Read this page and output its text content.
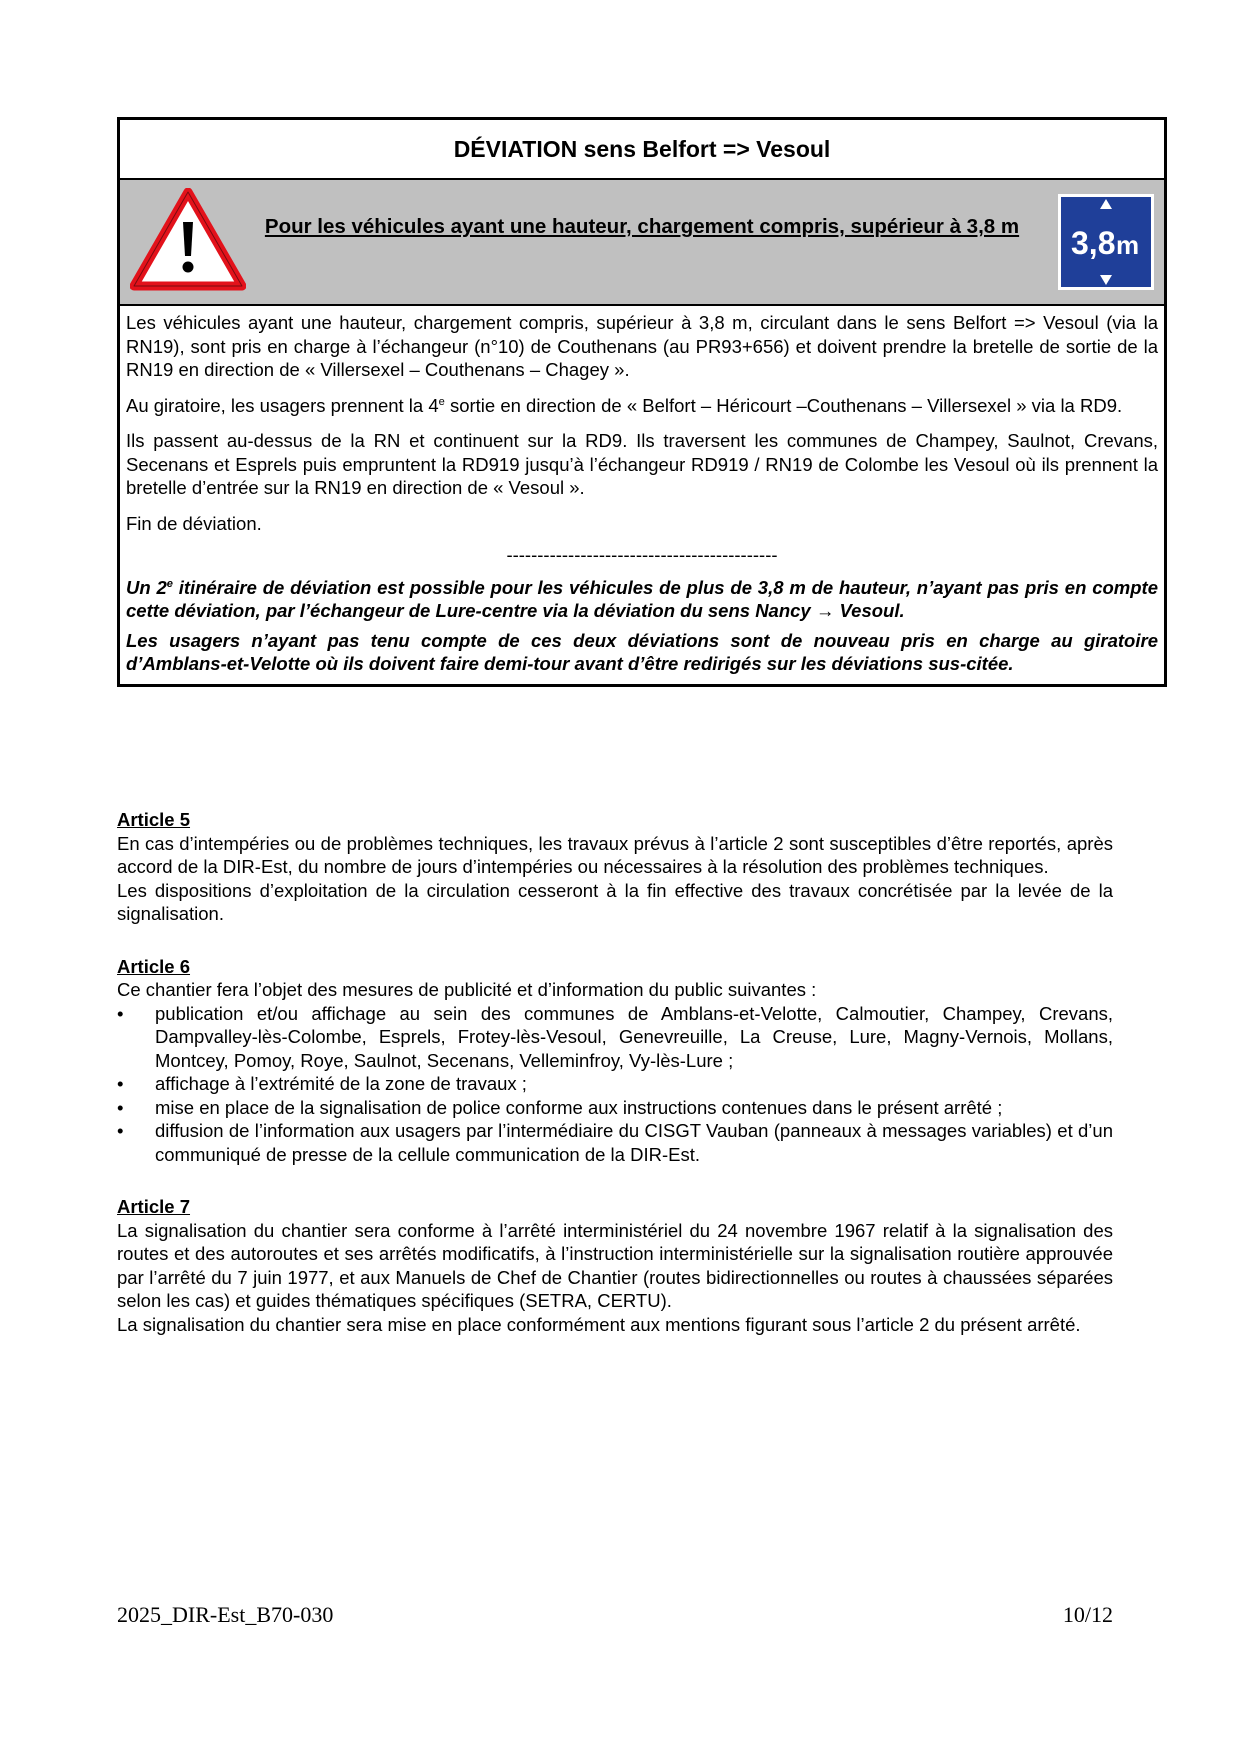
DÉVIATION sens Belfort => Vesoul
Pour les véhicules ayant une hauteur, chargement compris, supérieur à 3,8 m	3,8 m

Les véhicules ayant une hauteur, chargement compris, supérieur à 3,8 m, circulant dans le sens Belfort => Vesoul (via la RN19), sont pris en charge à l’échangeur (n°10) de Couthenans (au PR93+656) et doivent prendre la bretelle de sortie de la RN19 en direction de « Villersexel – Couthenans – Chagey ».

Au giratoire, les usagers prennent la 4e sortie en direction de « Belfort – Héricourt –Couthenans – Villersexel » via la RD9.

Ils passent au-dessus de la RN et continuent sur la RD9. Ils traversent les communes de Champey, Saulnot, Crevans, Secenans et Esprels puis empruntent la RD919 jusqu’à l’échangeur RD919 / RN19 de Colombe les Vesoul où ils prennent la bretelle d’entrée sur la RN19 en direction de « Vesoul ».

Fin de déviation.

--------------------------------------------

Un 2e itinéraire de déviation est possible pour les véhicules de plus de 3,8 m de hauteur, n’ayant pas pris en compte cette déviation, par l’échangeur de Lure-centre via la déviation du sens Nancy → Vesoul.

Les usagers n’ayant pas tenu compte de ces deux déviations sont de nouveau pris en charge au giratoire d’Amblans-et-Velotte où ils doivent faire demi-tour avant d’être redirigés sur les déviations sus-citée.

Article 5

En cas d’intempéries ou de problèmes techniques, les travaux prévus à l’article 2 sont susceptibles d’être reportés, après accord de la DIR-Est, du nombre de jours d’intempéries ou nécessaires à la résolution des problèmes techniques.

Les dispositions d’exploitation de la circulation cesseront à la fin effective des travaux concrétisée par la levée de la signalisation.

Article 6

Ce chantier fera l’objet des mesures de publicité et d’information du public suivantes :

• publication et/ou affichage au sein des communes de Amblans-et-Velotte, Calmoutier, Champey, Crevans, Dampvalley-lès-Colombe, Esprels, Frotey-lès-Vesoul, Genevreuille, La Creuse, Lure, Magny-Vernois, Mollans, Montcey, Pomoy, Roye, Saulnot, Secenans, Velleminfroy, Vy-lès-Lure ;
• affichage à l’extrémité de la zone de travaux ;
• mise en place de la signalisation de police conforme aux instructions contenues dans le présent arrêté ;
• diffusion de l’information aux usagers par l’intermédiaire du CISGT Vauban (panneaux à messages variables) et d’un communiqué de presse de la cellule communication de la DIR-Est.

Article 7

La signalisation du chantier sera conforme à l’arrêté interministériel du 24 novembre 1967 relatif à la signalisation des routes et des autoroutes et ses arrêtés modificatifs, à l’instruction interministérielle sur la signalisation routière approuvée par l’arrêté du 7 juin 1977, et aux Manuels de Chef de Chantier (routes bidirectionnelles ou routes à chaussées séparées selon les cas) et guides thématiques spécifiques (SETRA, CERTU).

La signalisation du chantier sera mise en place conformément aux mentions figurant sous l’article 2 du présent arrêté.

2025_DIR-Est_B70-030	10/12
